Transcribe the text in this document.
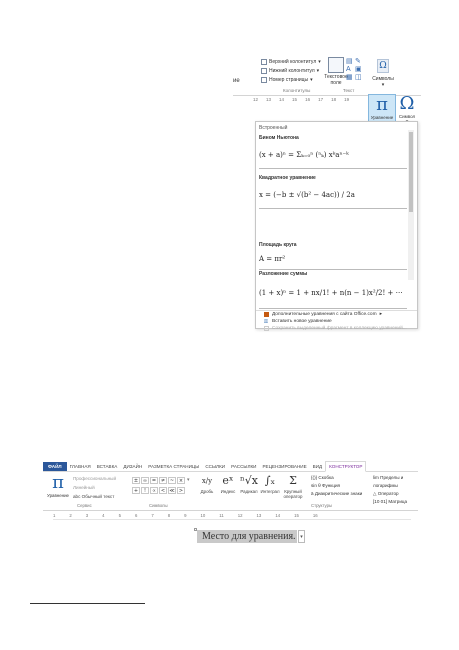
ие
Верхний колонтитул ▾
Нижний колонтитул ▾
Номер страницы ▾ Текстовое поле
▤
A
▦
✎
▣
◫
Ω
Символы
▾
Колонтитулы	Текст
12 13 14 15 16 17 18 19 π
Уравнение
Ω
Символ
Встроенный
Бином Ньютона
(x + a)ⁿ = Σₖ₌₀ⁿ (ⁿₖ) xᵏaⁿ⁻ᵏ
Квадратное уравнение
x = (−b ± √(b² − 4ac)) / 2a
Площадь круга
A = πr²
Разложение суммы
(1 + x)ⁿ = 1 + nx/1! + n(n − 1)x²/2! + ⋯
Дополнительные уравнения с сайта Office.com ▸
π Вставить новое уравнение
Сохранить выделенный фрагмент в коллекцию уравнений...
ФАЙЛ	ГЛАВНАЯ	ВСТАВКА	ДИЗАЙН	РАЗМЕТКА СТРАНИЦЫ	ССЫЛКИ	РАССЫЛКИ	РЕЦЕНЗИРОВАНИЕ	ВИД	КОНСТРУКТОР
π
Уравнение
Профессиональный
Линейный
abc Обычный текст
± ∞ = ≠ ~ ×
+	!	∝	< ≪ >
▾ x/y
Дробь
eˣ
Индекс
ⁿ√x
Радикал
∫ₓ
Интеграл
Σ
Крупный оператор
{()} Скобка
sin θ Функция
ä Диакритические знаки
lim Пределы и логарифмы
△ Оператор
[10 01] Матрица
Сервис	Символы	Структуры
1	2	3	4	5	6	7	8	9	10	11	12	13	14	15	16
Место для уравнения. ▾
